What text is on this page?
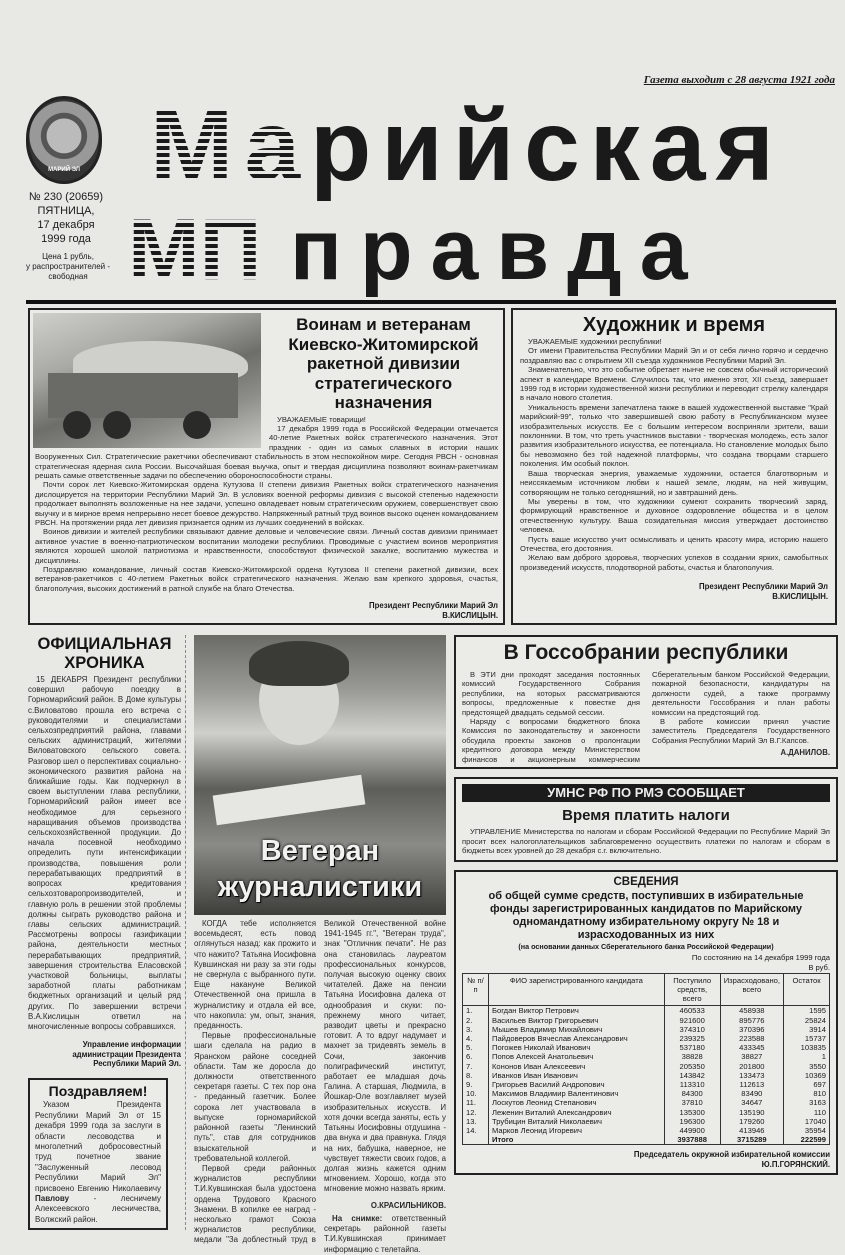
Газета выходит с 28 августа 1921 года
МАРИЙ ЭЛ
№ 230 (20659)
ПЯТНИЦА,
17 декабря
1999 года
Марийская
МП правда
Цена 1 рубль,
у распространителей - свободная
Воинам и ветеранам Киевско-Житомирской ракетной дивизии стратегического назначения

УВАЖАЕМЫЕ товарищи!

17 декабря 1999 года в Российской Федерации отмечается 40-летие Ракетных войск стратегического назначения. Этот праздник - один из самых славных в истории наших Вооруженных Сил. Стратегические ракетчики обеспечивают стабильность в этом неспокойном мире. Сегодня РВСН - основная стратегическая ядерная сила России. Высочайшая боевая выучка, опыт и твердая дисциплина позволяют воинам-ракетчикам решать самые ответственные задачи по обеспечению обороноспособности страны.

Почти сорок лет Киевско-Житомирская ордена Кутузова II степени дивизия Ракетных войск стратегического назначения дислоцируется на территории Республики Марий Эл. В условиях военной реформы дивизия с высокой степенью надежности продолжает выполнять возложенные на нее задачи, успешно овладевает новым стратегическим оружием, совершенствует свою выучку и в мирное время непрерывно несет боевое дежурство. Напряженный ратный труд воинов высоко оценен командованием РВСН. На протяжении ряда лет дивизия признается одним из лучших соединений в войсках.

Воинов дивизии и жителей республики связывают давние деловые и человеческие связи. Личный состав дивизии принимает активное участие в военно-патриотическом воспитании молодежи республики. Проводимые с участием воинов мероприятия являются хорошей школой патриотизма и нравственности, способствуют физической закалке, воспитанию мужества и дисциплины.

Поздравляю командование, личный состав Киевско-Житомирской ордена Кутузова II степени ракетной дивизии, всех ветеранов-ракетчиков с 40-летием Ракетных войск стратегического назначения. Желаю вам крепкого здоровья, счастья, благополучия, высоких достижений в ратной службе на благо Отечества.

Президент Республики Марий Эл
В.КИСЛИЦЫН.
Художник и время

УВАЖАЕМЫЕ художники республики!

От имени Правительства Республики Марий Эл и от себя лично горячо и сердечно поздравляю вас с открытием XII съезда художников Республики Марий Эл.

Знаменательно, что это событие обретает нынче не совсем обычный исторический аспект в календаре Времени. Случилось так, что именно этот, XII съезд, завершает 1999 год в истории художественной жизни республики и переводит стрелку календаря в начало нового столетия.

Уникальность времени запечатлена также в вашей художественной выставке "Край марийский-99", только что завершившей свою работу в Республиканском музее изобразительных искусств. Ее с большим интересом восприняли зрители, ваши поклонники. В том, что треть участников выставки - творческая молодежь, есть залог развития изобразительного искусства, ее потенциала. Но становление молодых было бы невозможно без той надежной платформы, что создана творцами старшего поколения. Им особый поклон.

Ваша творческая энергия, уважаемые художники, остается благотворным и неиссякаемым источником любви к нашей земле, людям, на ней живущим, сотворяющим не только сегодняшний, но и завтрашний день.

Мы уверены в том, что художники сумеют сохранить творческий заряд, формирующий нравственное и духовное оздоровление общества и в целом отечественную культуру. Ваша созидательная миссия утверждает достоинство человека.

Пусть ваше искусство учит осмысливать и ценить красоту мира, историю нашего Отечества, его достояния.

Желаю вам доброго здоровья, творческих успехов в создании ярких, самобытных произведений искусств, плодотворной работы, счастья и благополучия.

Президент Республики Марий Эл
В.КИСЛИЦЫН.
ОФИЦИАЛЬНАЯ ХРОНИКА

15 ДЕКАБРЯ Президент республики совершил рабочую поездку в Горномарийский район. В Доме культуры с.Виловатово прошла его встреча с руководителями и специалистами сельхозпредприятий района, главами сельских администраций, жителями Виловатовского сельского совета. Разговор шел о перспективах социально-экономического развития района на ближайшие годы. Как подчеркнул в своем выступлении глава республики, Горномарийский район имеет все необходимое для серьезного наращивания объемов производства сельскохозяйственной продукции. До начала посевной необходимо определить пути интенсификации производства, повышения роли перерабатывающих предприятий в вопросах кредитования сельхозтоваропроизводителей, и главную роль в решении этой проблемы должны сыграть руководство района и главы сельских администраций. Рассмотрены вопросы газификации района, деятельности местных перерабатывающих предприятий, завершения строительства Еласовской участковой больницы, выплаты заработной платы работникам бюджетных организаций и целый ряд других. По завершении встречи В.А.Кислицын ответил на многочисленные вопросы собравшихся.

Управление информации администрации Президента Республики Марий Эл.
Поздравляем!

Указом Президента Республики Марий Эл от 15 декабря 1999 года за заслуги в области лесоводства и многолетний добросовестный труд почетное звание "Заслуженный лесовод Республики Марий Эл" присвоено Евгению Николаевичу Павлову - лесничему Алексеевского лесничества, Волжский район.

Ветеран
журналистики

КОГДА тебе исполняется восемьдесят, есть повод оглянуться назад: как прожито и что нажито? Татьяна Иосифовна Кувшинская ни разу за эти годы не свернула с выбранного пути. Еще накануне Великой Отечественной она пришла в журналистику и отдала ей все, что накопила: ум, опыт, знания, преданность.

Первые профессиональные шаги сделала на радио в Яранском районе соседней области. Там же доросла до должности ответственного секретаря газеты. С тех пор она - преданный газетчик. Более сорока лет участвовала в выпуске горномарийской районной газеты "Ленинский путь", став для сотрудников взыскательной и требовательной коллегой.

Первой среди районных журналистов республики Т.И.Кувшинская была удостоена ордена Трудового Красного Знамени. В копилке ее наград - несколько грамот Союза журналистов республики, медали "За доблестный труд в Великой Отечественной войне 1941-1945 гг.", "Ветеран труда", знак "Отличник печати". Не раз она становилась лауреатом профессиональных конкурсов, получая высокую оценку своих читателей. Даже на пенсии Татьяна Иосифовна далека от однообразия и скуки: по-прежнему много читает, разводит цветы и прекрасно готовит. А то вдруг надумает и махнет за тридевять земель в Сочи, закончив полиграфический институт, работает ее младшая дочь Галина. А старшая, Людмила, в Йошкар-Оле возглавляет музей изобразительных искусств. И хотя дочки всегда заняты, есть у Татьяны Иосифовны отдушина - два внука и два правнука. Глядя на них, бабушка, наверное, не чувствует тяжести своих годов, а долгая жизнь кажется одним мгновением. Хорошо, когда это мгновение можно назвать ярким.

О.КРАСИЛЬНИКОВ.

На снимке: ответственный секретарь районной газеты Т.И.Кувшинская принимает информацию с телетайпа.

В Госсобрании республики

В ЭТИ дни проходят заседания постоянных комиссий Государственного Собрания республики, на которых рассматриваются вопросы, предложенные к повестке дня предстоящей двадцать седьмой сессии.

Наряду с вопросами бюджетного блока Комиссия по законодательству и законности обсудила проекты законов о пролонгации кредитного договора между Министерством финансов и акционерным коммерческим Сберегательным банком Российской Федерации, пожарной безопасности, кандидатуры на должности судей, а также программу деятельности Госсобрания и план работы комиссии на предстоящий год.

В работе комиссии принял участие заместитель Председателя Государственного Собрания Республики Марий Эл В.Г.Капсов.

А.ДАНИЛОВ.
УМНС РФ ПО РМЭ СООБЩАЕТ
Время платить налоги

УПРАВЛЕНИЕ Министерства по налогам и сборам Российской Федерации по Республике Марий Эл просит всех налогоплательщиков заблаговременно осуществить платежи по налогам и сборам в бюджеты всех уровней до 28 декабря с.г. включительно.

СВЕДЕНИЯ
об общей сумме средств, поступивших в избирательные фонды зарегистрированных кандидатов по Марийскому одномандатному избирательному округу № 18 и израсходованных из них
(на основании данных Сберегательного банка Российской Федерации)
По состоянию на 14 декабря 1999 года
В руб.
№ п/п	ФИО зарегистрированного кандидата	Поступило средств, всего	Израсходовано, всего	Остаток
1.	Богдан Виктор Петрович	460533	458938	1595
2.	Васильев Виктор Григорьевич	921600	895776	25824
3.	Мышев Владимир Михайлович	374310	370396	3914
4.	Пайдоверов Вячеслав Александрович	239325	223588	15737
5.	Погожев Николай Иванович	537180	433345	103835
6.	Попов Алексей Анатольевич	38828	38827	1
7.	Кононов Иван Алексеевич	205350	201800	3550
8.	Иванков Иван Иванович	143842	133473	10369
9.	Григорьев Василий Андропович	113310	112613	697
10.	Максимов Владимир Валентинович	84300	83490	810
11.	Лоскутов Леонид Степанович	37810	34647	3163
12.	Леженин Виталий Александрович	135300	135190	110
13.	Трубицин Виталий Николаевич	196300	179260	17040
14.	Марков Леонид Игоревич	449900	413946	35954
	Итого	3937888	3715289	222599
Председатель окружной избирательной комиссии
Ю.П.ГОРЯНСКИЙ.
